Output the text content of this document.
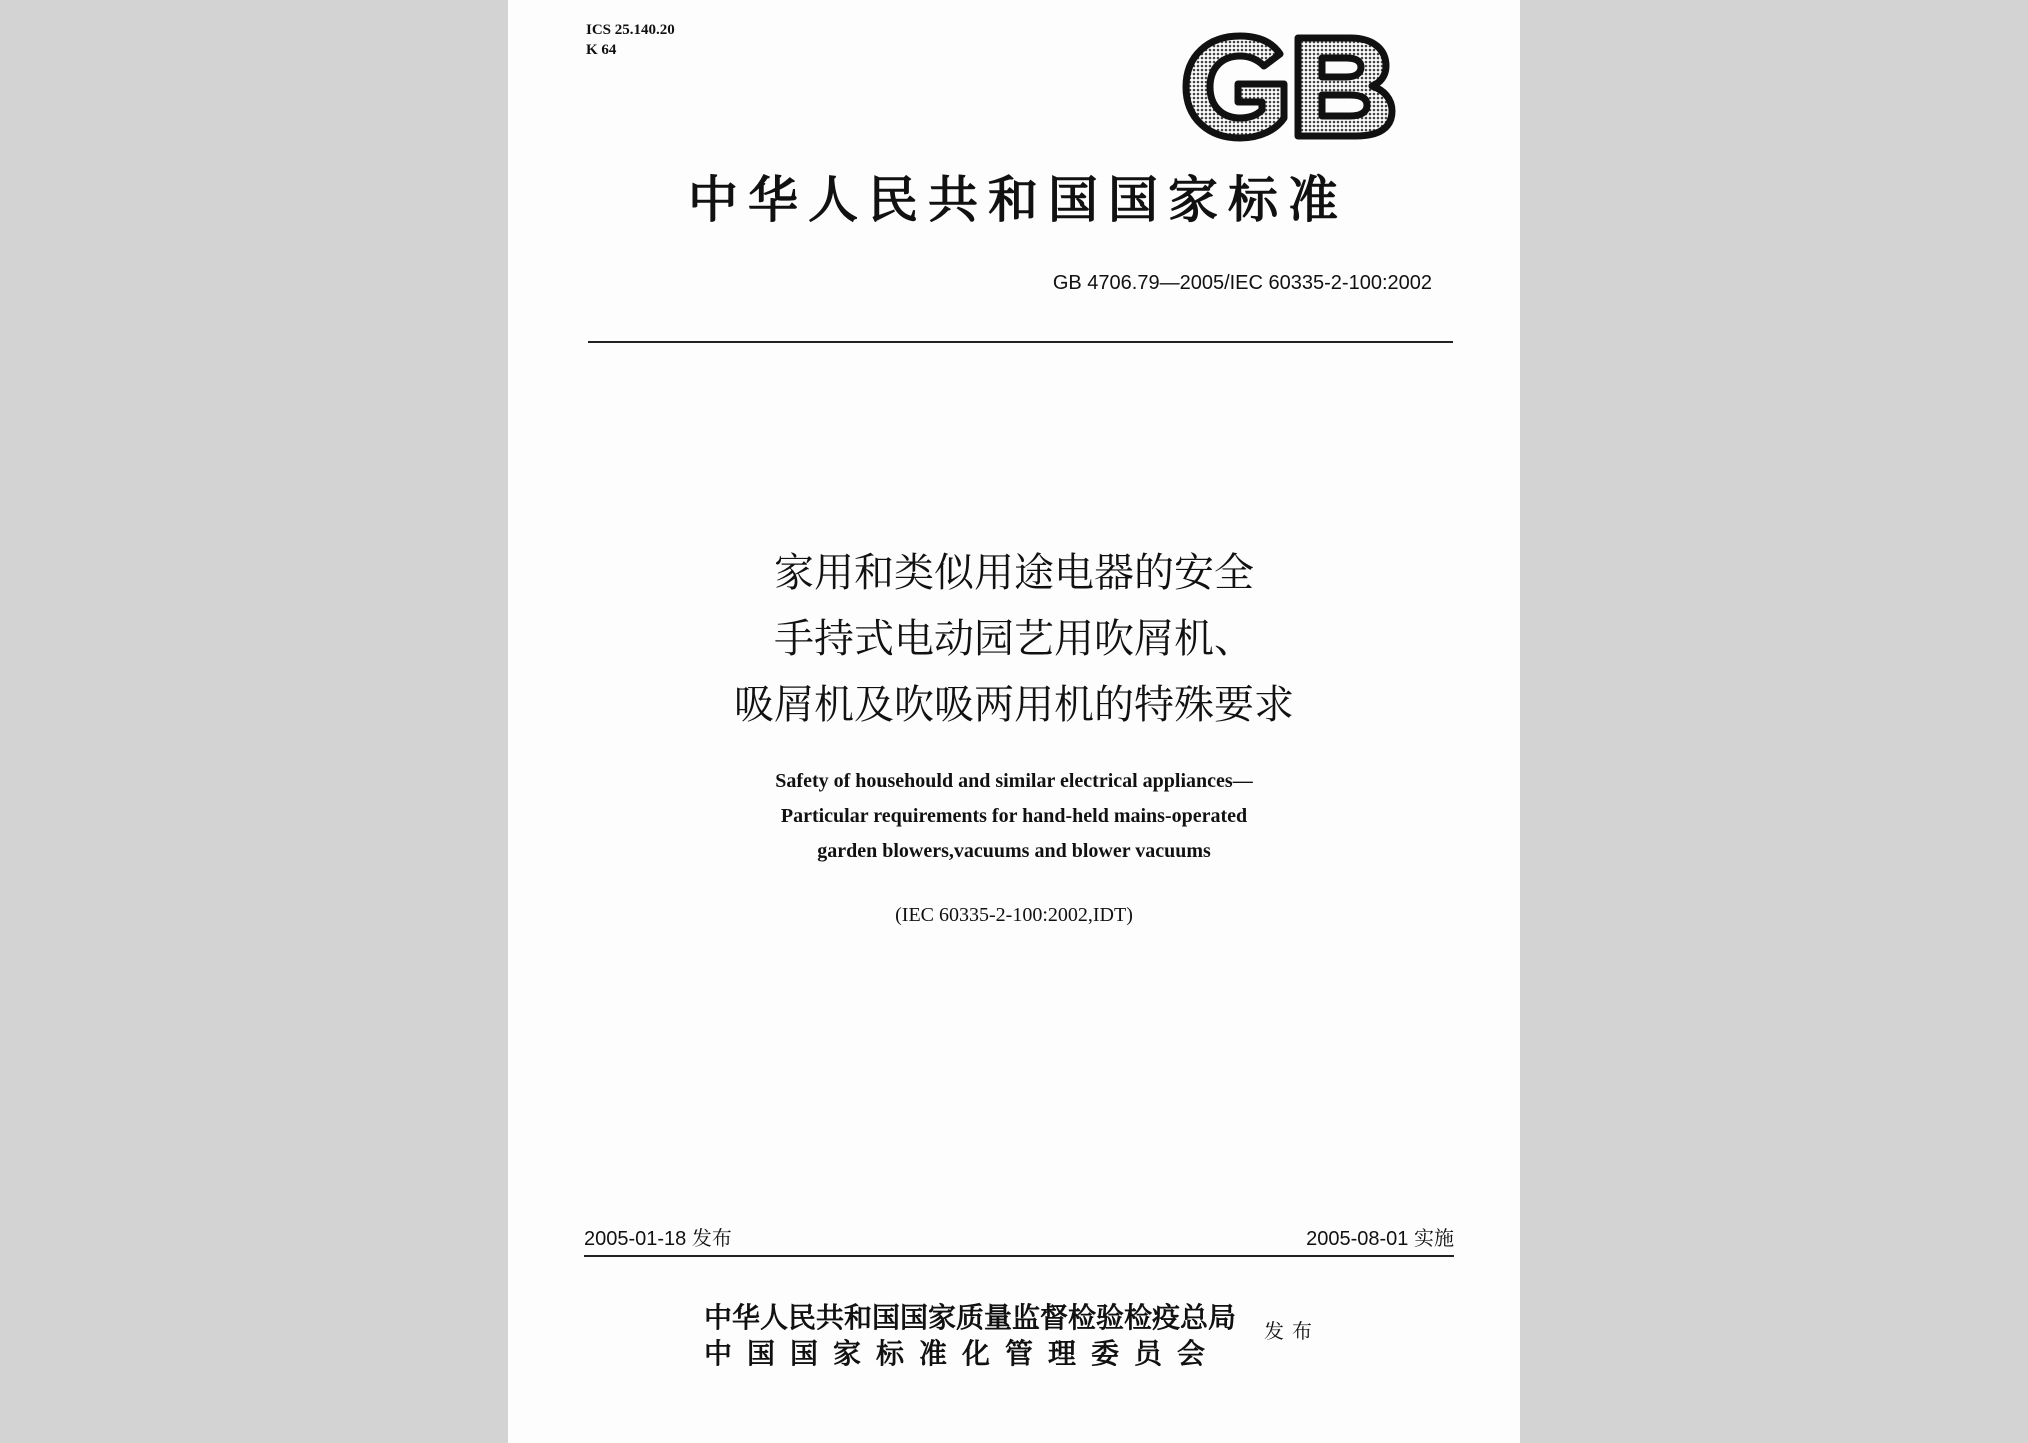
ICS 25.140.20
K 64
中华人民共和国国家标准
GB 4706.79—2005/IEC 60335-2-100:2002
家用和类似用途电器的安全
手持式电动园艺用吹屑机、
吸屑机及吹吸两用机的特殊要求
Safety of househould and similar electrical appliances—
Particular requirements for hand-held mains-operated
garden blowers,vacuums and blower vacuums
(IEC 60335-2-100:2002,IDT)
2005-01-18 发布	2005-08-01 实施
中华人民共和国国家质量监督检验检疫总局
中国国家标准化管理委员会
发布
